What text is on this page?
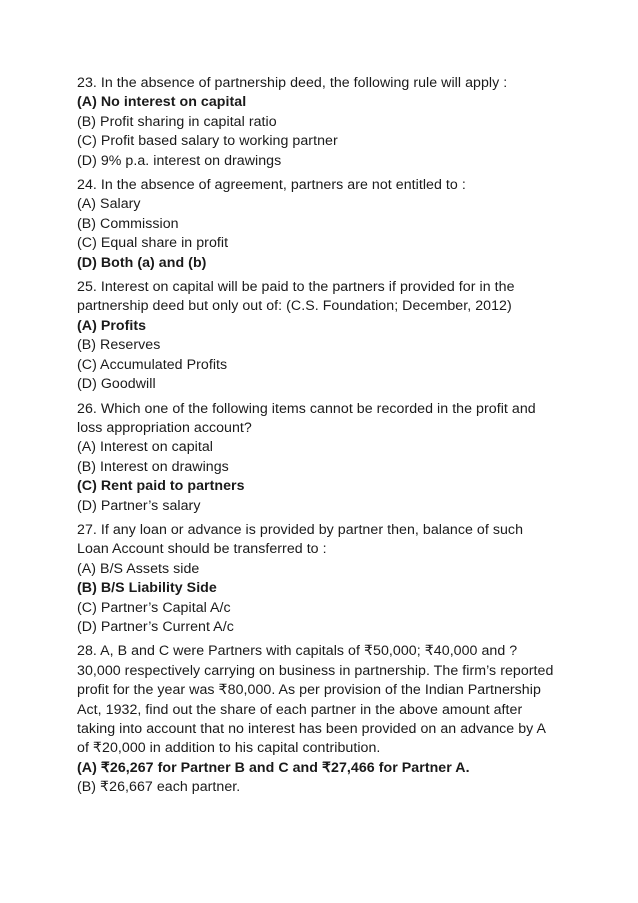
23. In the absence of partnership deed, the following rule will apply :
(A) No interest on capital
(B) Profit sharing in capital ratio
(C) Profit based salary to working partner
(D) 9% p.a. interest on drawings
24. In the absence of agreement, partners are not entitled to :
(A) Salary
(B) Commission
(C) Equal share in profit
(D) Both (a) and (b)
25. Interest on capital will be paid to the partners if provided for in the
partnership deed but only out of: (C.S. Foundation; December, 2012)
(A) Profits
(B) Reserves
(C) Accumulated Profits
(D) Goodwill
26. Which one of the following items cannot be recorded in the profit and
loss appropriation account?
(A) Interest on capital
(B) Interest on drawings
(C) Rent paid to partners
(D) Partner’s salary
27. If any loan or advance is provided by partner then, balance of such
Loan Account should be transferred to :
(A) B/S Assets side
(B) B/S Liability Side
(C) Partner’s Capital A/c
(D) Partner’s Current A/c
28. A, B and C were Partners with capitals of ₹50,000; ₹40,000 and ?
30,000 respectively carrying on business in partnership. The firm’s reported
profit for the year was ₹80,000. As per provision of the Indian Partnership
Act, 1932, find out the share of each partner in the above amount after
taking into account that no interest has been provided on an advance by A
of ₹20,000 in addition to his capital contribution.
(A) ₹26,267 for Partner B and C and ₹27,466 for Partner A.
(B) ₹26,667 each partner.
